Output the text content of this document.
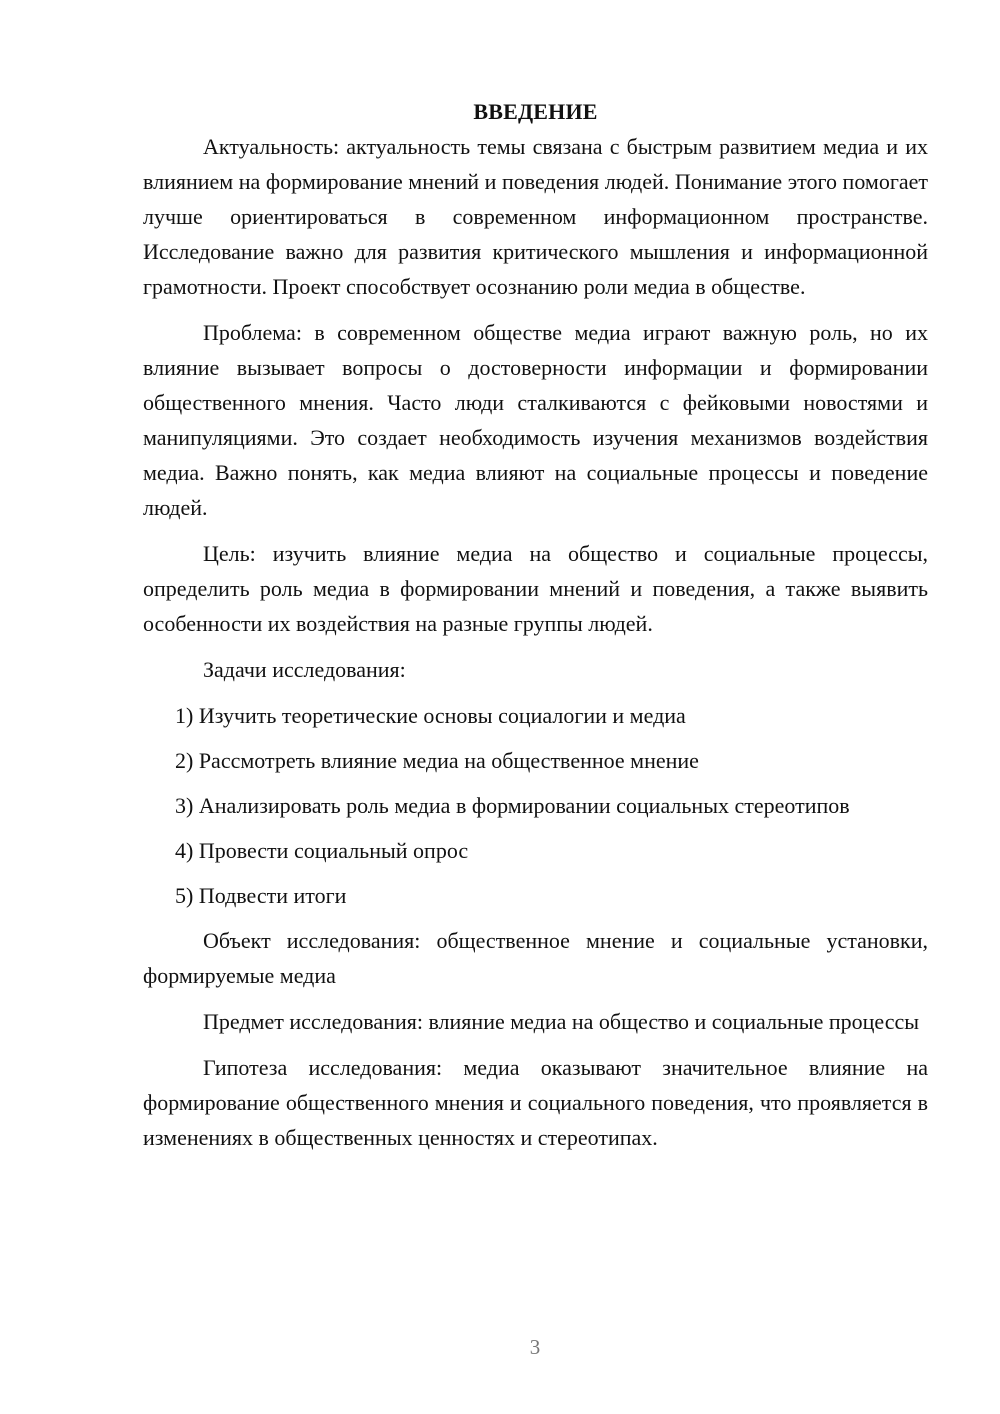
ВВЕДЕНИЕ

Актуальность: актуальность темы связана с быстрым развитием медиа и их влиянием на формирование мнений и поведения людей. Понимание этого помогает лучше ориентироваться в современном информационном пространстве. Исследование важно для развития критического мышления и информационной грамотности. Проект способствует осознанию роли медиа в обществе.

Проблема: в современном обществе медиа играют важную роль, но их влияние вызывает вопросы о достоверности информации и формировании общественного мнения. Часто люди сталкиваются с фейковыми новостями и манипуляциями. Это создает необходимость изучения механизмов воздействия медиа. Важно понять, как медиа влияют на социальные процессы и поведение людей.

Цель: изучить влияние медиа на общество и социальные процессы, определить роль медиа в формировании мнений и поведения, а также выявить особенности их воздействия на разные группы людей.

Задачи исследования:

1) Изучить теоретические основы социалогии и медиа

2) Рассмотреть влияние медиа на общественное мнение

3) Анализировать роль медиа в формировании социальных стереотипов

4) Провести социальный опрос

5) Подвести итоги

Объект исследования: общественное мнение и социальные установки, формируемые медиа

Предмет исследования: влияние медиа на общество и социальные процессы

Гипотеза исследования: медиа оказывают значительное влияние на формирование общественного мнения и социального поведения, что проявляется в изменениях в общественных ценностях и стереотипах.

3
